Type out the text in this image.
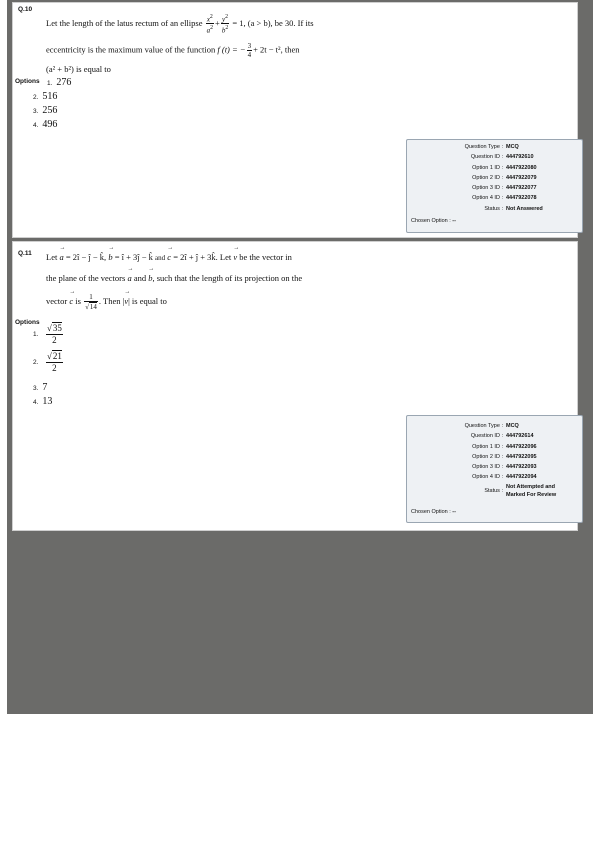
Q.10
Let the length of the latus rectum of an ellipse $\frac{x^2}{a^2} + \frac{y^2}{b^2} = 1$, (a > b), be 30. If its
eccentricity is the maximum value of the function f (t) = − $\frac{3}{4} + 2t - t^2$, then
(a² + b²) is equal to
Options 1. 276
2. 516
3. 256
4. 496
Question Type : MCQ
Question ID : 444792610
Option 1 ID : 4447922080
Option 2 ID : 4447922079
Option 3 ID : 4447922077
Option 4 ID : 4447922078
Status : Not Answered
Chosen Option : --
Q.11 Let → a = 2î − ĵ − k̂, → b = î + 3ĵ − k̂ and → c = 2î + ĵ + 3k̂. Let → v be the vector in
the plane of the vectors → a and → b, such that the length of its projection on the
vector → c is $\frac{1}{√14}$ . Then |→ v| is equal to
Options
1. $\frac{√35}{2}$
2. $\frac{√21}{2}$
3. 7
4. 13
Question Type : MCQ
Question ID : 444792614
Option 1 ID : 4447922096
Option 2 ID : 4447922095
Option 3 ID : 4447922093
Option 4 ID : 4447922094
Status :
Not Attempted and
Marked For Review
Chosen Option : --
